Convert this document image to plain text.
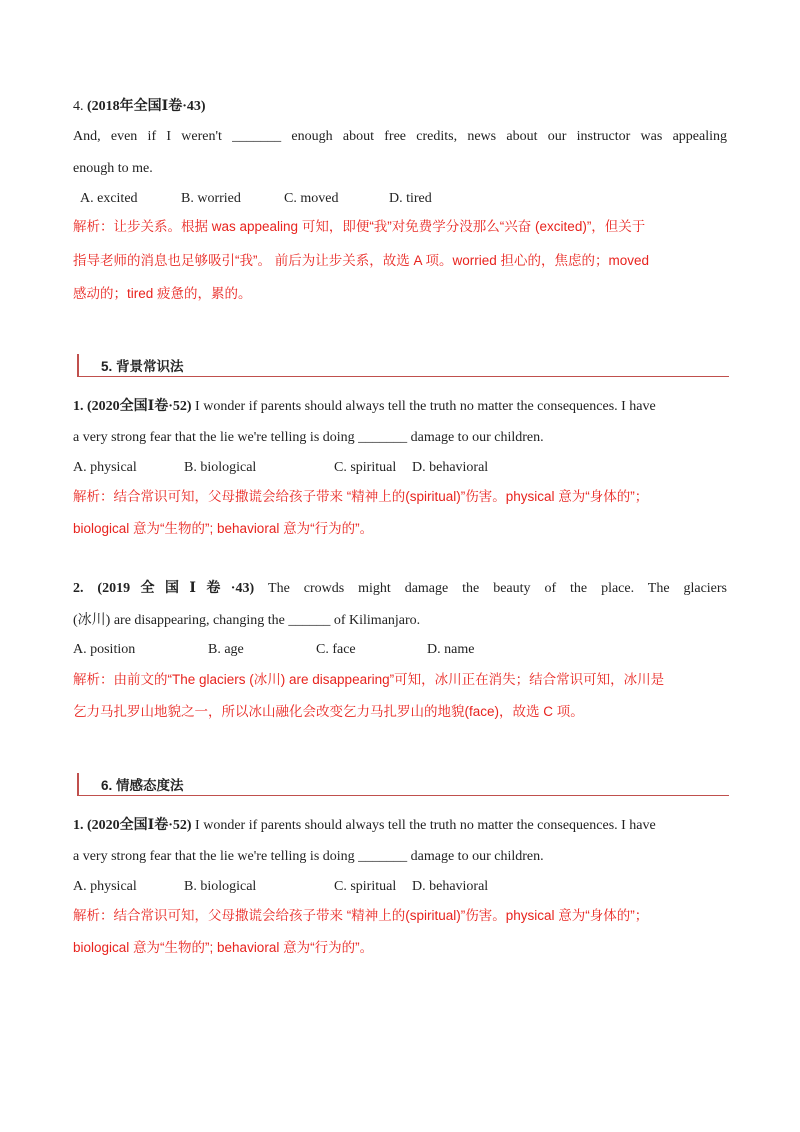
4. (2018年全国Ⅰ卷·43)
And, even if I weren't _______ enough about free credits, news about our instructor was appealing
enough to me.
A. excited	B. worried	C. moved	D. tired
解析：让步关系。根据 was appealing 可知，即便“我”对免费学分没那么“兴奋 (excited)”，但关于
指导老师的消息也足够吸引“我”。 前后为让步关系，故选 A 项。worried 担心的，焦虑的；moved
感动的；tired 疲惫的，累的。
5. 背景常识法
1. (2020全国Ⅰ卷·52) I wonder if parents should always tell the truth no matter the consequences. I have
a very strong fear that the lie we're telling is doing _______ damage to our children.
A. physical	B. biological	C. spiritual D. behavioral
解析：结合常识可知，父母撒谎会给孩子带来 “精神上的(spiritual)”伤害。physical 意为“身体的”；
biological 意为“生物的”; behavioral 意为“行为的”。
2. (2019全国Ⅰ卷·43) The crowds might damage the beauty of the place. The glaciers
(冰川) are disappearing, changing the ______ of Kilimanjaro.
A. position	B. age	C. face	D. name
解析：由前文的“The glaciers (冰川) are disappearing”可知，冰川正在消失；结合常识可知，冰川是
乞力马扎罗山地貌之一，所以冰山融化会改变乞力马扎罗山的地貌(face)，故选 C 项。
6. 情感态度法
1. (2020全国Ⅰ卷·52) I wonder if parents should always tell the truth no matter the consequences. I have
a very strong fear that the lie we're telling is doing _______ damage to our children.
A. physical	B. biological	C. spiritual D. behavioral
解析：结合常识可知，父母撒谎会给孩子带来 “精神上的(spiritual)”伤害。physical 意为“身体的”；
biological 意为“生物的”; behavioral 意为“行为的”。
